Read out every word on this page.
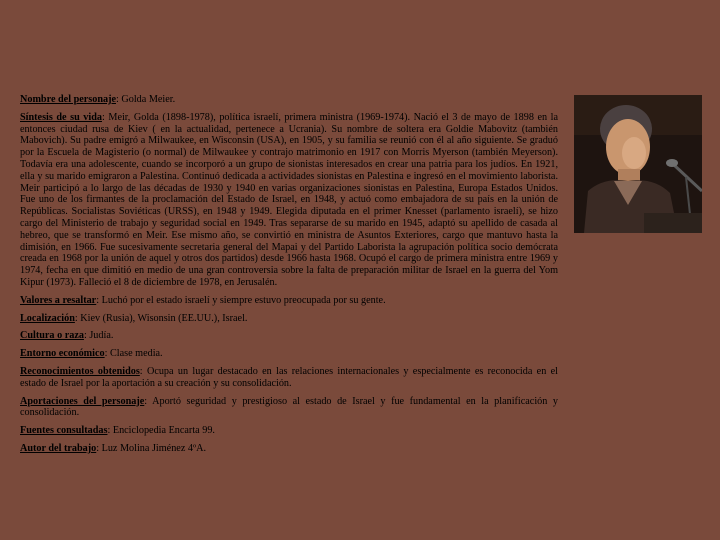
Nombre del personaje: Golda Meier.

Síntesis de su vida: Meir, Golda (1898-1978), política israelí, primera ministra (1969-1974). Nació el 3 de mayo de 1898 en la entonces ciudad rusa de Kiev ( en la actualidad, pertenece a Ucrania). Su nombre de soltera era Goldie Mabovitz (también Mabovich). Su padre emigró a Milwaukee, en Wisconsin (USA), en 1905, y su familia se reunió con él al año siguiente. Se graduó por la Escuela de Magisterio (o normal) de Milwaukee y contrajo matrimonio en 1917 con Morris Myerson (también Meyerson). Todavía era una adolescente, cuando se incorporó a un grupo de sionistas interesados en crear una patria para los judíos. En 1921, ella y su marido emigraron a Palestina. Continuó dedicada a actividades sionistas en Palestina e ingresó en el movimiento laborista. Meir participó a lo largo de las décadas de 1930 y 1940 en varias organizaciones sionistas en Palestina, Europa Estados Unidos. Fue uno de los firmantes de la proclamación del Estado de Israel, en 1948, y actuó como embajadora de su país en la unión de Repúblicas. Socialistas Soviéticas (URSS), en 1948 y 1949. Elegida diputada en el primer Knesset (parlamento israelí), se hizo cargo del Ministerio de trabajo y seguridad social en 1949. Tras separarse de su marido en 1945, adaptó su apellido de casada al hebreo, que se transformó en Meir. Ese mismo año, se convirtió en ministra de Asuntos Exteriores, cargo que mantuvo hasta la dimisión, en 1966. Fue sucesivamente secretaria general del Mapai y del Partido Laborista la agrupación política socio demócrata creada en 1968 por la unión de aquel y otros dos partidos) desde 1966 hasta 1968. Ocupó el cargo de primera ministra entre 1969 y 1974, fecha en que dimitió en medio de una gran controversia sobre la falta de preparación militar de Israel en la guerra del Yom Kipur (1973). Falleció el 8 de diciembre de 1978, en Jerusalén.

Valores a resaltar: Luchó por el estado israelí y siempre estuvo preocupada por su gente.

Localización: Kiev (Rusia), Wisonsin (EE.UU.), Israel.

Cultura o raza: Judía.

Entorno económico: Clase media.

Reconocimientos obtenidos: Ocupa un lugar destacado en las relaciones internacionales y especialmente es reconocida en el estado de Israel por la aportación a su creación y su consolidación.

Aportaciones del personaje: Aportó seguridad y prestigioso al estado de Israel y fue fundamental en la planificación y consolidación.

Fuentes consultadas: Enciclopedia Encarta 99.

Autor del trabajo: Luz Molina Jiménez 4ºA.
